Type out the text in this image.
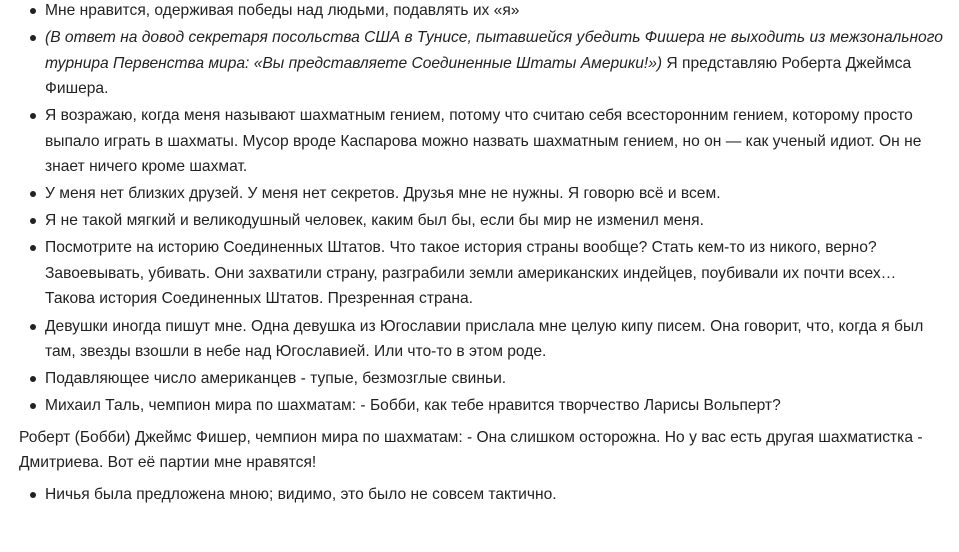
Мне нравится, одерживая победы над людьми, подавлять их «я»
(В ответ на довод секретаря посольства США в Тунисе, пытавшейся убедить Фишера не выходить из межзонального
турнира Первенства мира: «Вы представляете Соединенные Штаты Америки!») Я представляю Роберта Джеймса
Фишера.
Я возражаю, когда меня называют шахматным гением, потому что считаю себя всесторонним гением, которому просто
выпало играть в шахматы. Мусор вроде Каспарова можно назвать шахматным гением, но он — как ученый идиот. Он не
знает ничего кроме шахмат.
У меня нет близких друзей. У меня нет секретов. Друзья мне не нужны. Я говорю всё и всем.
Я не такой мягкий и великодушный человек, каким был бы, если бы мир не изменил меня.
Посмотрите на историю Соединенных Штатов. Что такое история страны вообще? Стать кем-то из никого, верно?
Завоевывать, убивать. Они захватили страну, разграбили земли американских индейцев, поубивали их почти всех…
Такова история Соединенных Штатов. Презренная страна.
Девушки иногда пишут мне. Одна девушка из Югославии прислала мне целую кипу писем. Она говорит, что, когда я был
там, звезды взошли в небе над Югославией. Или что-то в этом роде.
Подавляющее число американцев - тупые, безмозглые свиньи.
Михаил Таль, чемпион мира по шахматам: - Бобби, как тебе нравится творчество Ларисы Вольперт?

Роберт (Бобби) Джеймс Фишер, чемпион мира по шахматам: - Она слишком осторожна. Но у вас есть другая шахматистка -
Дмитриева. Вот её партии мне нравятся!

Ничья была предложена мною; видимо, это было не совсем тактично.
